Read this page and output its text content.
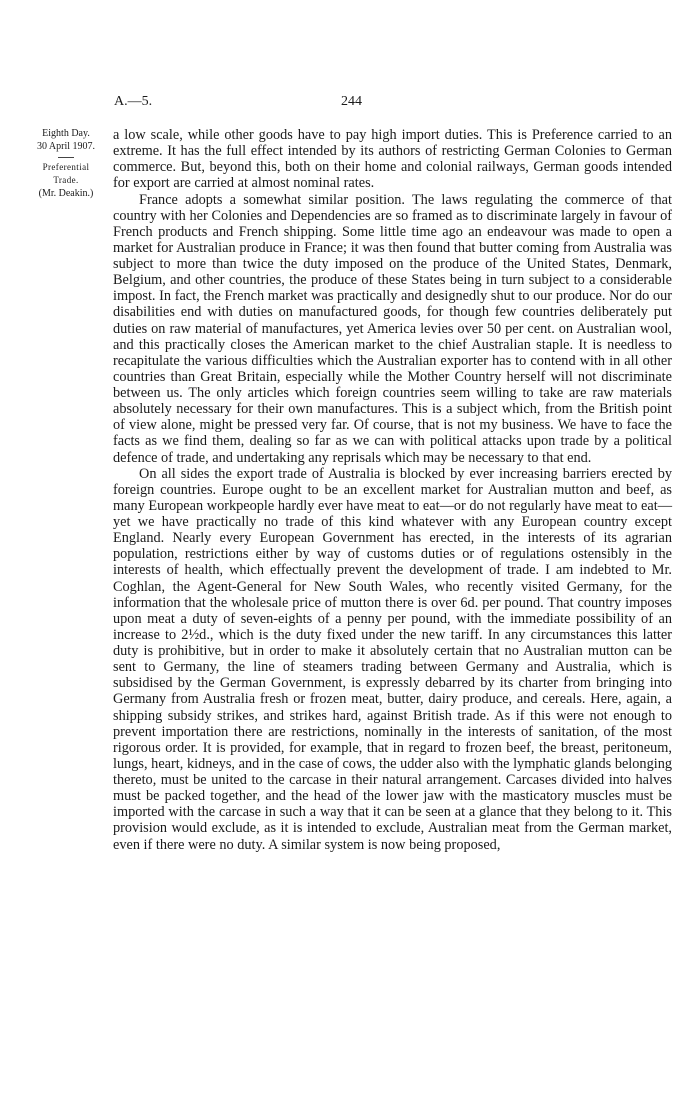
A.—5.	244
Eighth Day.
30 April 1907.
Preferential
Trade.
(Mr. Deakin.)

a low scale, while other goods have to pay high import duties. This is Preference carried to an extreme. It has the full effect intended by its authors of restricting German Colonies to German commerce. But, beyond this, both on their home and colonial railways, German goods intended for export are carried at almost nominal rates.

France adopts a somewhat similar position. The laws regulating the commerce of that country with her Colonies and Dependencies are so framed as to discriminate largely in favour of French products and French shipping. Some little time ago an endeavour was made to open a market for Australian produce in France; it was then found that butter coming from Australia was subject to more than twice the duty imposed on the produce of the United States, Denmark, Belgium, and other countries, the produce of these States being in turn subject to a considerable impost. In fact, the French market was practically and designedly shut to our produce. Nor do our disabilities end with duties on manufactured goods, for though few countries deliberately put duties on raw material of manufactures, yet America levies over 50 per cent. on Australian wool, and this practically closes the American market to the chief Australian staple. It is needless to recapitulate the various difficulties which the Australian exporter has to contend with in all other countries than Great Britain, especially while the Mother Country herself will not discriminate between us. The only articles which foreign countries seem willing to take are raw materials absolutely necessary for their own manufactures. This is a subject which, from the British point of view alone, might be pressed very far. Of course, that is not my business. We have to face the facts as we find them, dealing so far as we can with political attacks upon trade by a political defence of trade, and undertaking any reprisals which may be necessary to that end.

On all sides the export trade of Australia is blocked by ever increasing barriers erected by foreign countries. Europe ought to be an excellent market for Australian mutton and beef, as many European workpeople hardly ever have meat to eat—or do not regularly have meat to eat—yet we have practically no trade of this kind whatever with any European country except England. Nearly every European Government has erected, in the interests of its agrarian population, restrictions either by way of customs duties or of regulations ostensibly in the interests of health, which effectually prevent the development of trade. I am indebted to Mr. Coghlan, the Agent-General for New South Wales, who recently visited Germany, for the information that the wholesale price of mutton there is over 6d. per pound. That country imposes upon meat a duty of seven-eights of a penny per pound, with the immediate possibility of an increase to 2½d., which is the duty fixed under the new tariff. In any circumstances this latter duty is prohibitive, but in order to make it absolutely certain that no Australian mutton can be sent to Germany, the line of steamers trading between Germany and Australia, which is subsidised by the German Government, is expressly debarred by its charter from bringing into Germany from Australia fresh or frozen meat, butter, dairy produce, and cereals. Here, again, a shipping subsidy strikes, and strikes hard, against British trade. As if this were not enough to prevent importation there are restrictions, nominally in the interests of sanitation, of the most rigorous order. It is provided, for example, that in regard to frozen beef, the breast, peritoneum, lungs, heart, kidneys, and in the case of cows, the udder also with the lymphatic glands belonging thereto, must be united to the carcase in their natural arrangement. Carcases divided into halves must be packed together, and the head of the lower jaw with the masticatory muscles must be imported with the carcase in such a way that it can be seen at a glance that they belong to it. This provision would exclude, as it is intended to exclude, Australian meat from the German market, even if there were no duty. A similar system is now being proposed,
